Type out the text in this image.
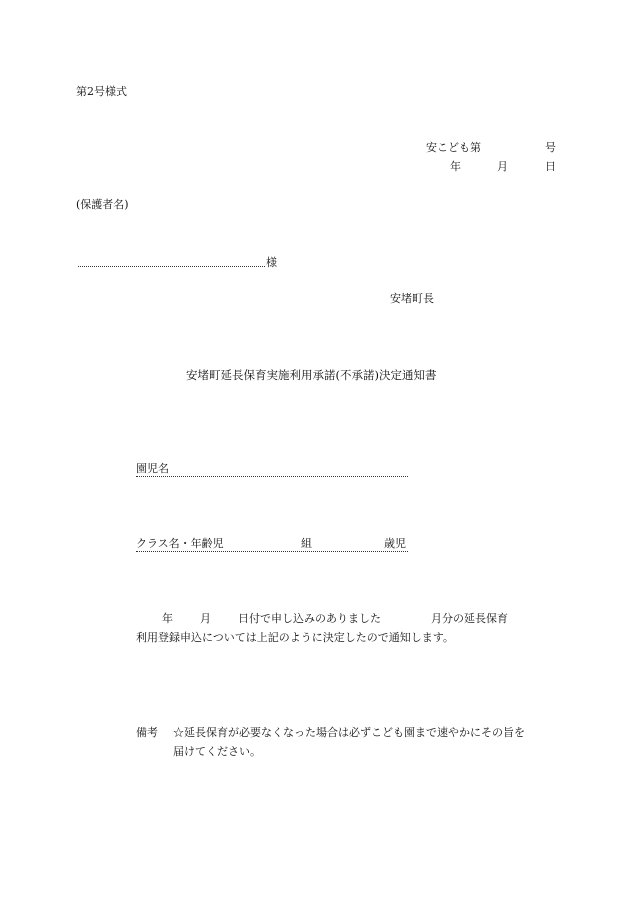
第2号様式
安こども第	号
年	月	日
(保護者名)
様
安堵町長
安堵町延長保育実施利用承諾(不承諾)決定通知書
園児名
クラス名・年齢児	組	歳児
年 月 日付で申し込みのありました	月分の延長保育
利用登録申込については上記のように決定したので通知します。
備考 ☆延長保育が必要なくなった場合は必ずこども園まで速やかにその旨を
届けてください。
